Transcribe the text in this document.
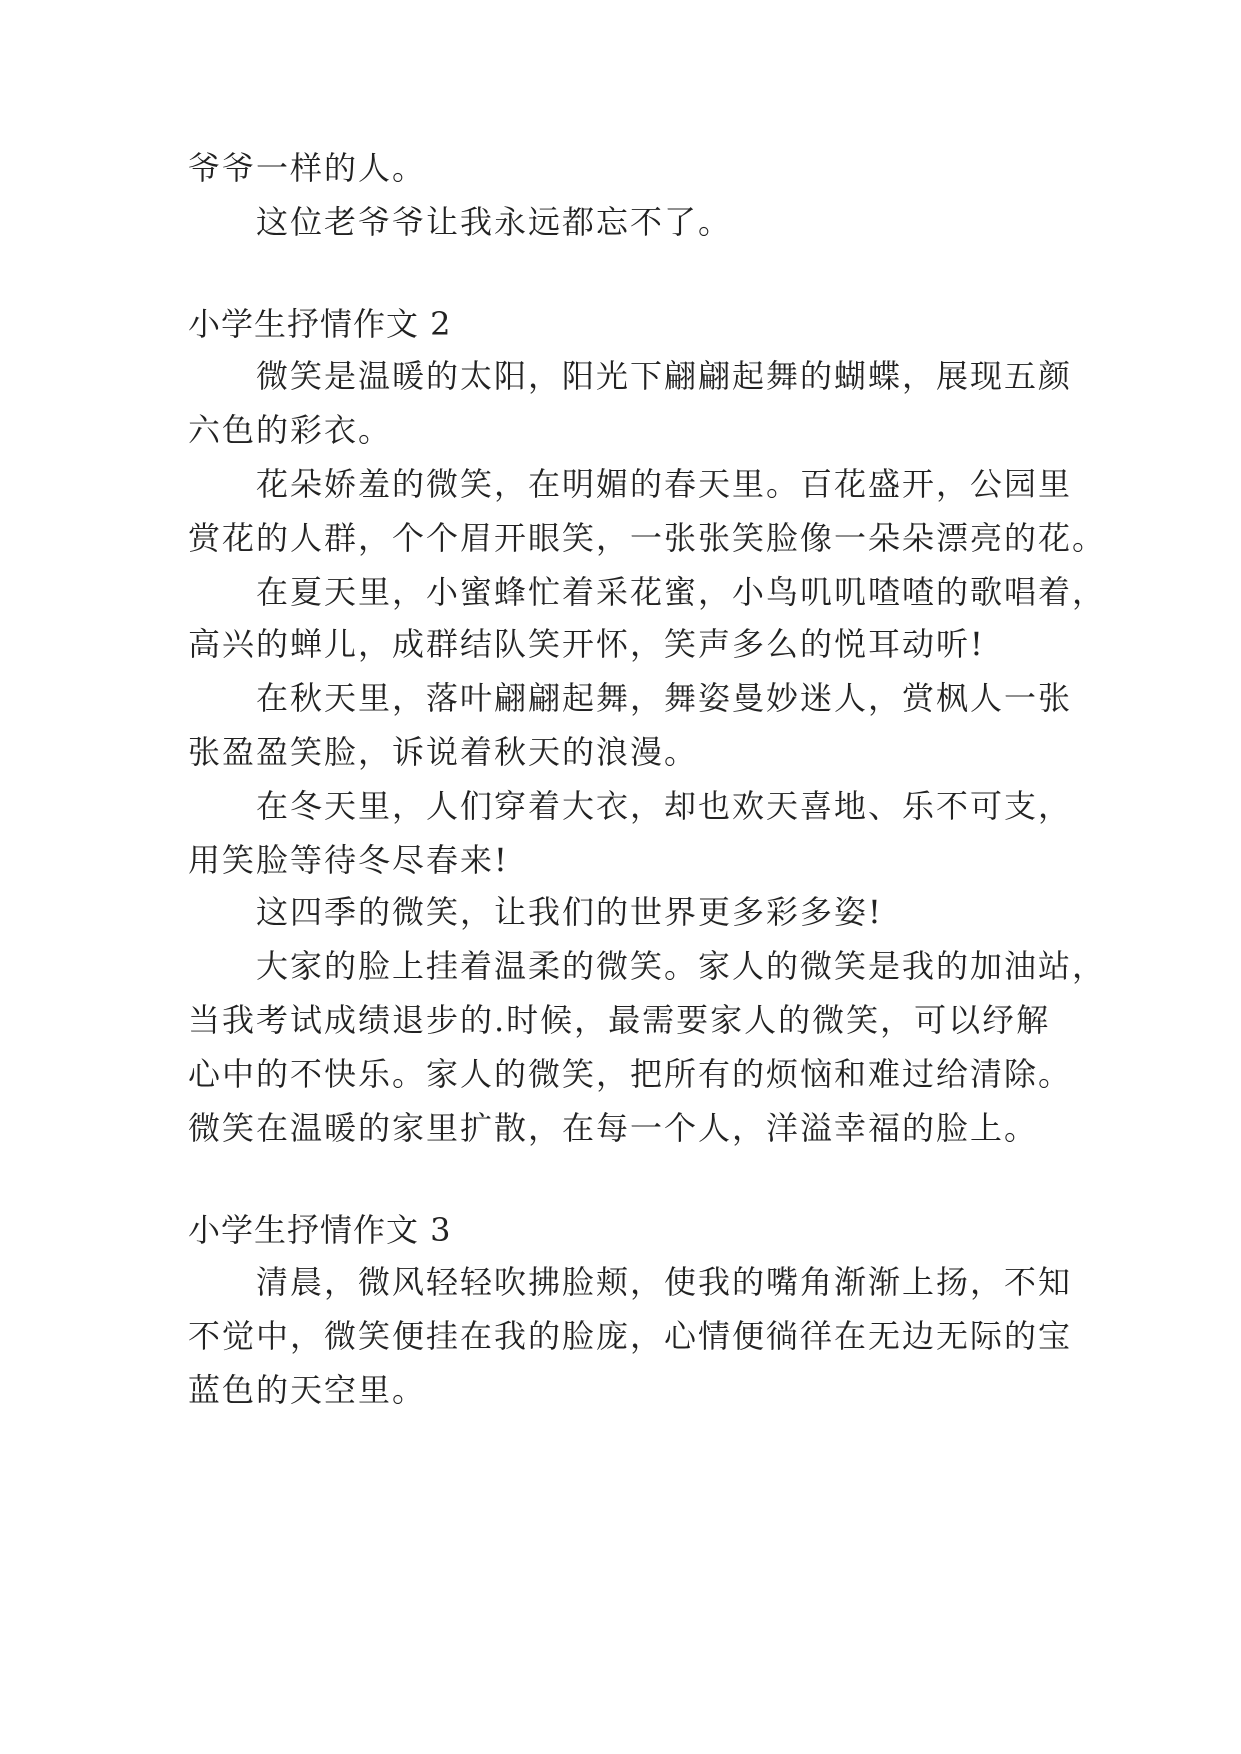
爷爷一样的人。

这位老爷爷让我永远都忘不了。

小学生抒情作文 2

微笑是温暖的太阳，阳光下翩翩起舞的蝴蝶，展现五颜

六色的彩衣。

花朵娇羞的微笑，在明媚的春天里。百花盛开，公园里

赏花的人群，个个眉开眼笑，一张张笑脸像一朵朵漂亮的花。

在夏天里，小蜜蜂忙着采花蜜，小鸟叽叽喳喳的歌唱着，

高兴的蝉儿，成群结队笑开怀，笑声多么的悦耳动听!

在秋天里，落叶翩翩起舞，舞姿曼妙迷人，赏枫人一张

张盈盈笑脸，诉说着秋天的浪漫。

在冬天里，人们穿着大衣，却也欢天喜地、乐不可支，

用笑脸等待冬尽春来!

这四季的微笑，让我们的世界更多彩多姿!

大家的脸上挂着温柔的微笑。家人的微笑是我的加油站，

当我考试成绩退步的.时候，最需要家人的微笑，可以纾解

心中的不快乐。家人的微笑，把所有的烦恼和难过给清除。

微笑在温暖的家里扩散，在每一个人，洋溢幸福的脸上。

小学生抒情作文 3

清晨，微风轻轻吹拂脸颊，使我的嘴角渐渐上扬，不知

不觉中，微笑便挂在我的脸庞，心情便徜徉在无边无际的宝

蓝色的天空里。
